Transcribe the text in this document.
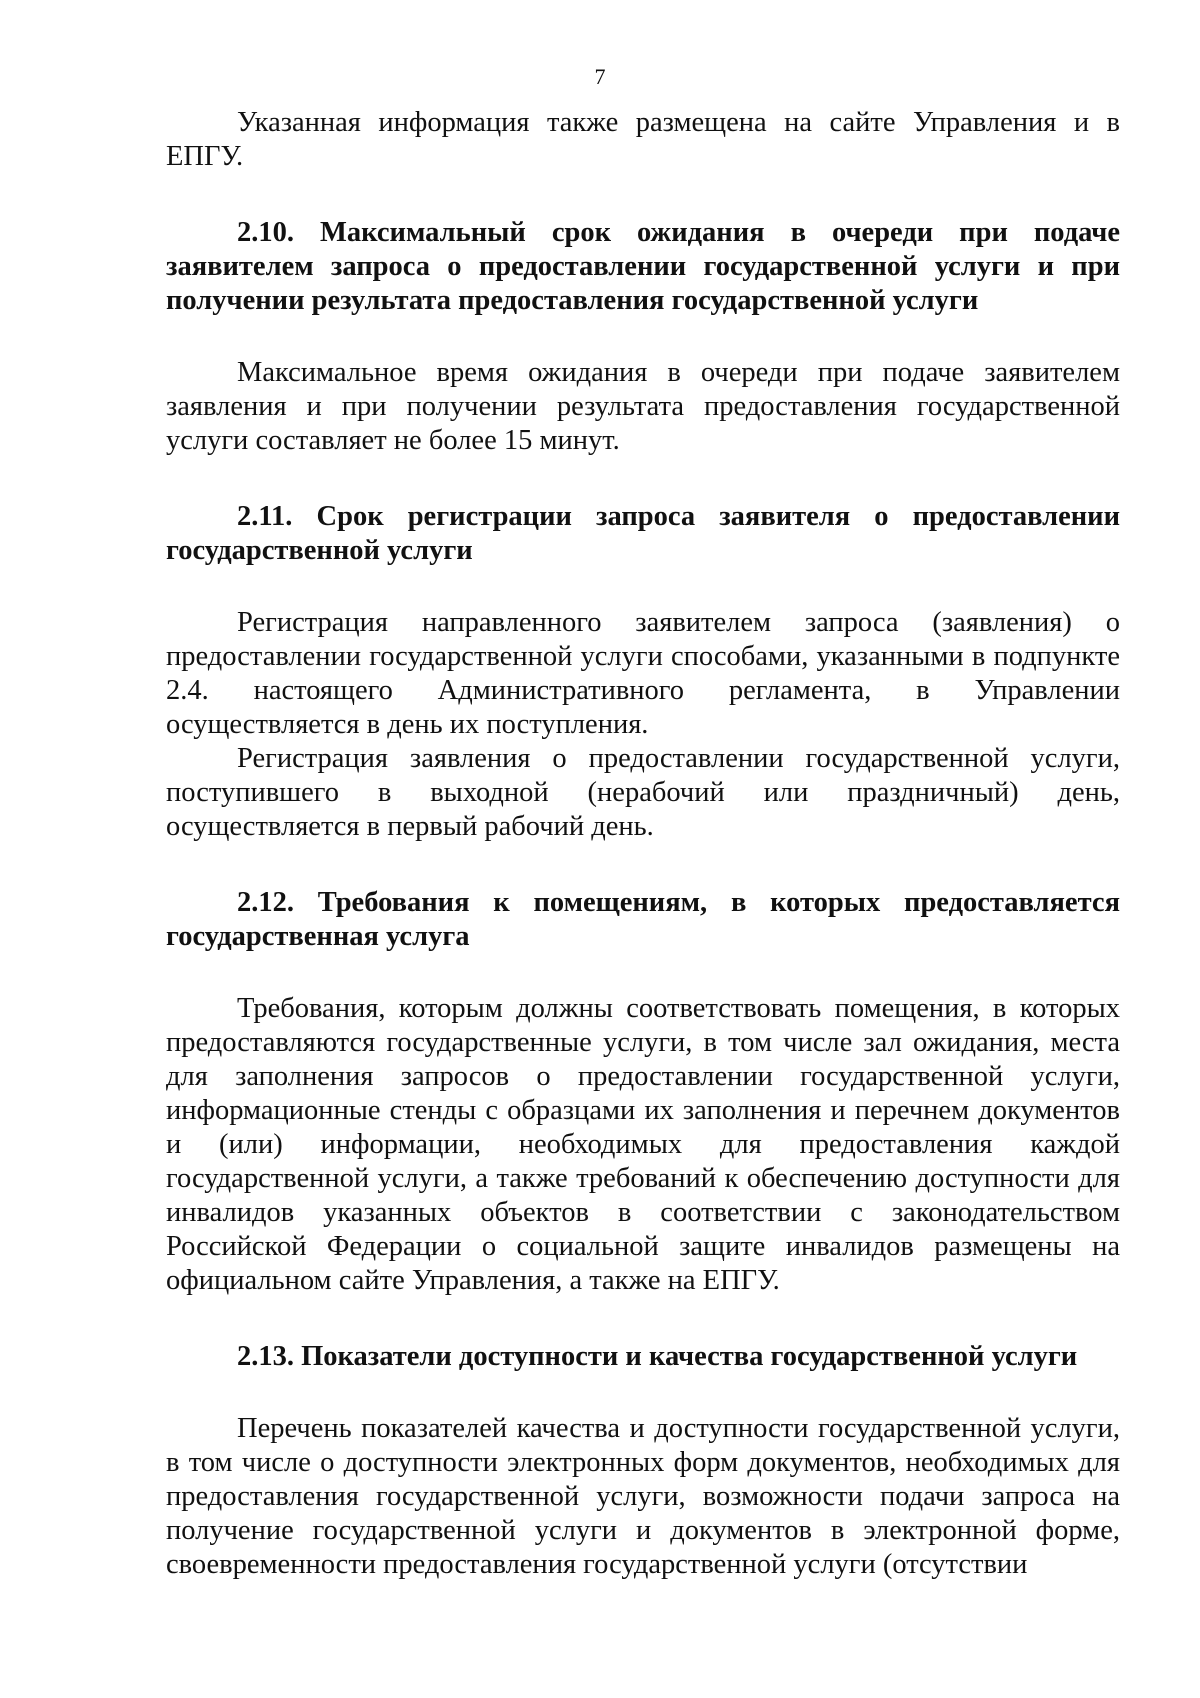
7

Указанная информация также размещена на сайте Управления и в ЕПГУ.

2.10. Максимальный срок ожидания в очереди при подаче заявителем запроса о предоставлении государственной услуги и при получении результата предоставления государственной услуги

Максимальное время ожидания в очереди при подаче заявителем заявления и при получении результата предоставления государственной услуги составляет не более 15 минут.

2.11. Срок регистрации запроса заявителя о предоставлении государственной услуги

Регистрация направленного заявителем запроса (заявления) о предоставлении государственной услуги способами, указанными в подпункте 2.4. настоящего Административного регламента, в Управлении осуществляется в день их поступления.

Регистрация заявления о предоставлении государственной услуги, поступившего в выходной (нерабочий или праздничный) день, осуществляется в первый рабочий день.

2.12. Требования к помещениям, в которых предоставляется государственная услуга

Требования, которым должны соответствовать помещения, в которых предоставляются государственные услуги, в том числе зал ожидания, места для заполнения запросов о предоставлении государственной услуги, информационные стенды с образцами их заполнения и перечнем документов и (или) информации, необходимых для предоставления каждой государственной услуги, а также требований к обеспечению доступности для инвалидов указанных объектов в соответствии с законодательством Российской Федерации о социальной защите инвалидов размещены на официальном сайте Управления, а также на ЕПГУ.

2.13. Показатели доступности и качества государственной услуги

Перечень показателей качества и доступности государственной услуги, в том числе о доступности электронных форм документов, необходимых для предоставления государственной услуги, возможности подачи запроса на получение государственной услуги и документов в электронной форме, своевременности предоставления государственной услуги (отсутствии
